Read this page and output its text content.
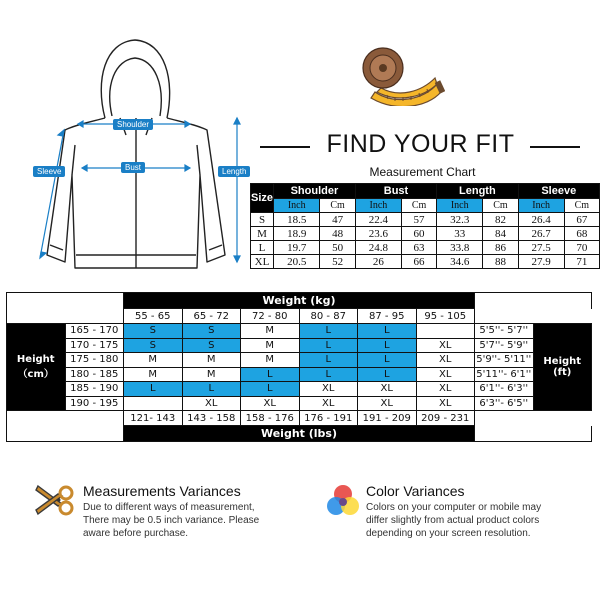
Shoulder
Bust
Sleeve	Length
FIND YOUR FIT
Measurement Chart
Size	Shoulder		Bust		Length		Sleeve	
	Inch	Cm	Inch	Cm	Inch	Cm	Inch	Cm
S	18.5	47	22.4	57	32.3	82	26.4	67
M	18.9	48	23.6	60	33	84	26.7	68
L	19.7	50	24.8	63	33.8	86	27.5	70
XL	20.5	52	26	66	34.6	88	27.9	71
		Weight (kg)							
		55 - 65	65 - 72	72 - 80	80 - 87	87 - 95	95 - 105		
Height
（cm）	165 - 170	S	S	M	L	L		5'5''- 5'7''	Height
(ft)
	170 - 175	S	S	M	L	L	XL	5'7''- 5'9''	
	175 - 180	M	M	M	L	L	XL	5'9''- 5'11''	
	180 - 185	M	M	L	L	L	XL	5'11''- 6'1''	
	185 - 190	L	L	L	XL	XL	XL	6'1''- 6'3''	
	190 - 195		XL	XL	XL	XL	XL	6'3''- 6'5''	
		121- 143	143 - 158	158 - 176	176 - 191	191 - 209	209 - 231		
		Weight (lbs)							
Measurements Variances
Due to different ways of measurement,
There may be 0.5 inch variance. Please
aware before purchase.
Color Variances
Colors on your computer or mobile may
differ slightly from actual product colors
depending on your screen resolution.
